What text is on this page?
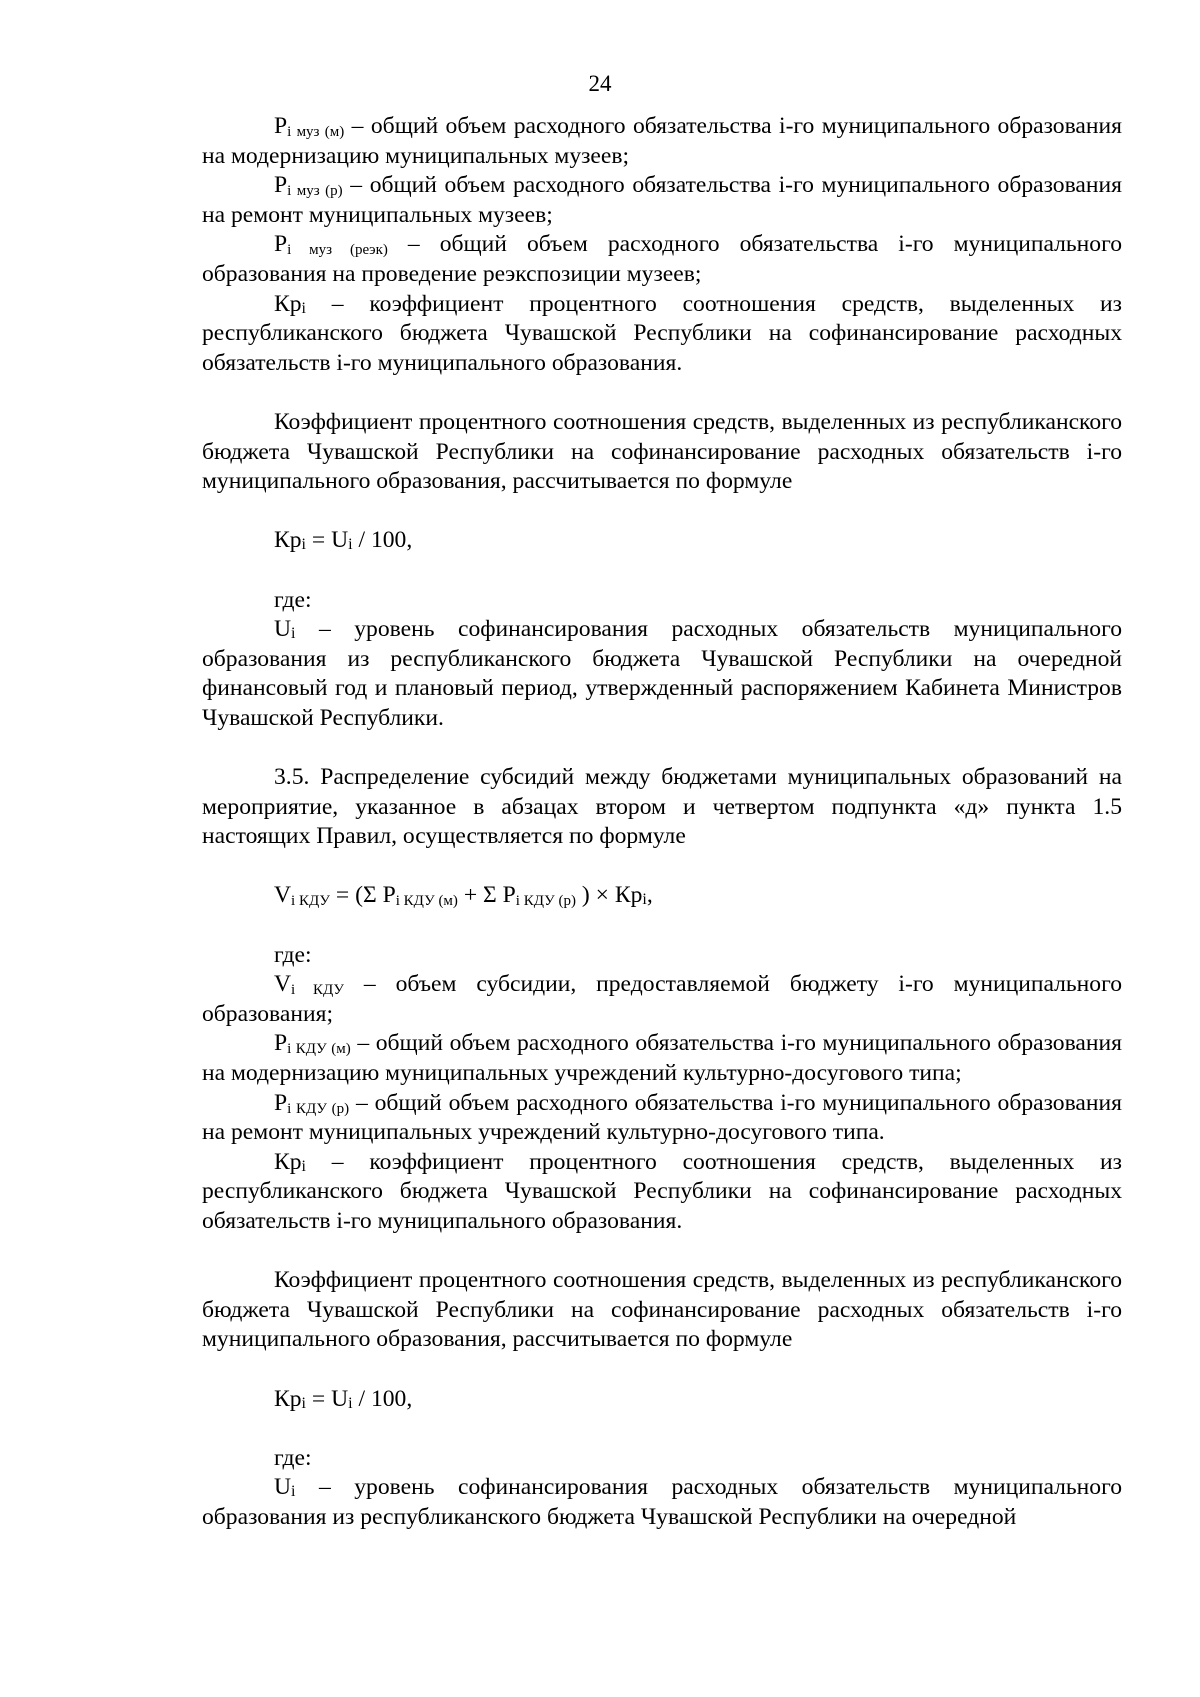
24

Pi муз (м) – общий объем расходного обязательства i-го муниципального образования на модернизацию муниципальных музеев;

Pi муз (р) – общий объем расходного обязательства i-го муниципального образования на ремонт муниципальных музеев;

Pi муз (реэк) – общий объем расходного обязательства i-го муниципального образования на проведение реэкспозиции музеев;

Крi – коэффициент процентного соотношения средств, выделенных из республиканского бюджета Чувашской Республики на софинансирование расходных обязательств i-го муниципального образования.

Коэффициент процентного соотношения средств, выделенных из республиканского бюджета Чувашской Республики на софинансирование расходных обязательств i-го муниципального образования, рассчитывается по формуле

Крi = Ui / 100,

где:

Ui – уровень софинансирования расходных обязательств муниципального образования из республиканского бюджета Чувашской Республики на очередной финансовый год и плановый период, утвержденный распоряжением Кабинета Министров Чувашской Республики.

3.5. Распределение субсидий между бюджетами муниципальных образований на мероприятие, указанное в абзацах втором и четвертом подпункта «д» пункта 1.5 настоящих Правил, осуществляется по формуле

Vi КДУ = (Σ Pi КДУ (м) + Σ Pi КДУ (р) ) × Крi,

где:

Vi КДУ – объем субсидии, предоставляемой бюджету i-го муниципального образования;

Pi КДУ (м) – общий объем расходного обязательства i-го муниципального образования на модернизацию муниципальных учреждений культурно-досугового типа;

Pi КДУ (р) – общий объем расходного обязательства i-го муниципального образования на ремонт муниципальных учреждений культурно-досугового типа.

Крi – коэффициент процентного соотношения средств, выделенных из республиканского бюджета Чувашской Республики на софинансирование расходных обязательств i-го муниципального образования.

Коэффициент процентного соотношения средств, выделенных из республиканского бюджета Чувашской Республики на софинансирование расходных обязательств i-го муниципального образования, рассчитывается по формуле

Крi = Ui / 100,

где:

Ui – уровень софинансирования расходных обязательств муниципального образования из республиканского бюджета Чувашской Республики на очередной
